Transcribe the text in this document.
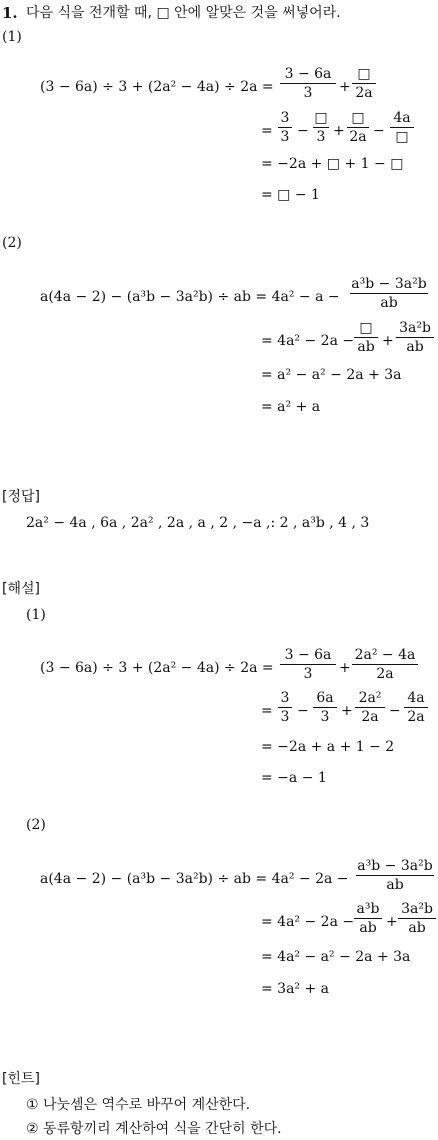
1. 다음 식을 전개할 때, □ 안에 알맞은 것을 써넣어라.
(1)
(3 − 6a) ÷ 3 + (2a² − 4a) ÷ 2a =
3 − 6a
3	+
□
2a
=
3
3 −
□
3 +
□
2a −
4a
□
= −2a + □ + 1 − □
= □ − 1
(2)
a(4a − 2) − (a³b − 3a²b) ÷ ab = 4a² − a −
a³b − 3a²b
ab
= 4a² − 2a −
□
ab +
3a²b
ab
= a² − a² − 2a + 3a
= a² + a
[정답]
2a² − 4a , 6a , 2a² , 2a , a , 2 , −a ,: 2 , a³b , 4 , 3
[해설]
(1)
(3 − 6a) ÷ 3 + (2a² − 4a) ÷ 2a =
3 − 6a
3	+
2a² − 4a
2a
=
3
3 −
6a
3 +
2a²
2a −
4a
2a
= −2a + a + 1 − 2
= −a − 1
(2)
a(4a − 2) − (a³b − 3a²b) ÷ ab = 4a² − 2a −
a³b − 3a²b
ab
= 4a² − 2a −
a³b
ab +
3a²b
ab
= 4a² − a² − 2a + 3a
= 3a² + a
[힌트]
① 나눗셈은 역수로 바꾸어 계산한다.
② 동류항끼리 계산하여 식을 간단히 한다.
